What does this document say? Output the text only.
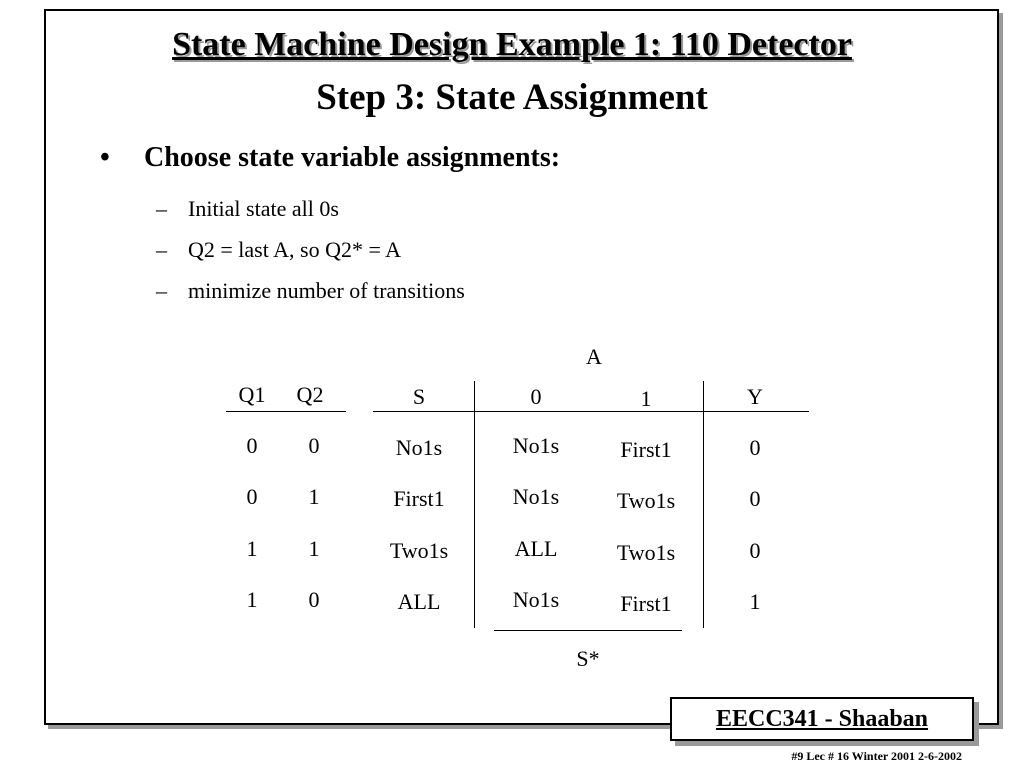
State Machine Design Example 1: 110 Detector
Step 3: State Assignment
• Choose state variable assignments:
– Initial state all 0s
– Q2 = last A, so Q2* = A
– minimize number of transitions
A
Q1 Q2	S	0	1	Y
0 0	No1s	No1s	First1	0
0 1	First1	No1s	Two1s	0
1 1	Two1s	ALL	Two1s	0
1 0	ALL	No1s	First1	1
S*
EECC341 - Shaaban
#9 Lec # 16 Winter 2001 2-6-2002
